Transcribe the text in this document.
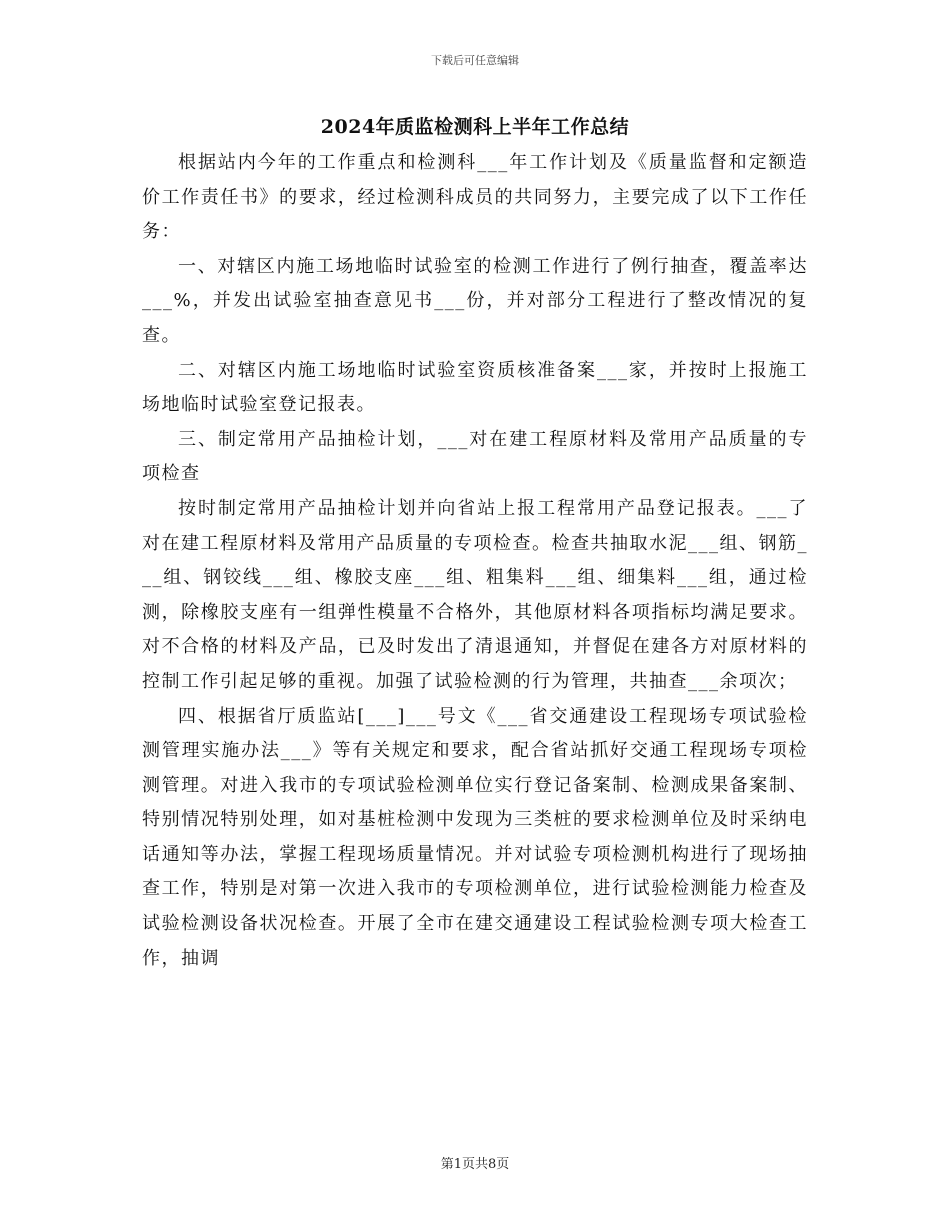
下载后可任意编辑
2024年质监检测科上半年工作总结

根据站内今年的工作重点和检测科___年工作计划及《质量监督和定额造价工作责任书》的要求，经过检测科成员的共同努力，主要完成了以下工作任务：

一、对辖区内施工场地临时试验室的检测工作进行了例行抽查，覆盖率达___%，并发出试验室抽查意见书___份，并对部分工程进行了整改情况的复查。

二、对辖区内施工场地临时试验室资质核准备案___家，并按时上报施工场地临时试验室登记报表。

三、制定常用产品抽检计划，___对在建工程原材料及常用产品质量的专项检查

按时制定常用产品抽检计划并向省站上报工程常用产品登记报表。___了对在建工程原材料及常用产品质量的专项检查。检查共抽取水泥___组、钢筋___组、钢铰线___组、橡胶支座___组、粗集料___组、细集料___组，通过检测，除橡胶支座有一组弹性模量不合格外，其他原材料各项指标均满足要求。对不合格的材料及产品，已及时发出了清退通知，并督促在建各方对原材料的控制工作引起足够的重视。加强了试验检测的行为管理，共抽查___余项次；

四、根据省厅质监站[___]___号文《___省交通建设工程现场专项试验检测管理实施办法___》等有关规定和要求，配合省站抓好交通工程现场专项检测管理。对进入我市的专项试验检测单位实行登记备案制、检测成果备案制、特别情况特别处理，如对基桩检测中发现为三类桩的要求检测单位及时采纳电话通知等办法，掌握工程现场质量情况。并对试验专项检测机构进行了现场抽查工作，特别是对第一次进入我市的专项检测单位，进行试验检测能力检查及试验检测设备状况检查。开展了全市在建交通建设工程试验检测专项大检查工作，抽调

第1页共8页
